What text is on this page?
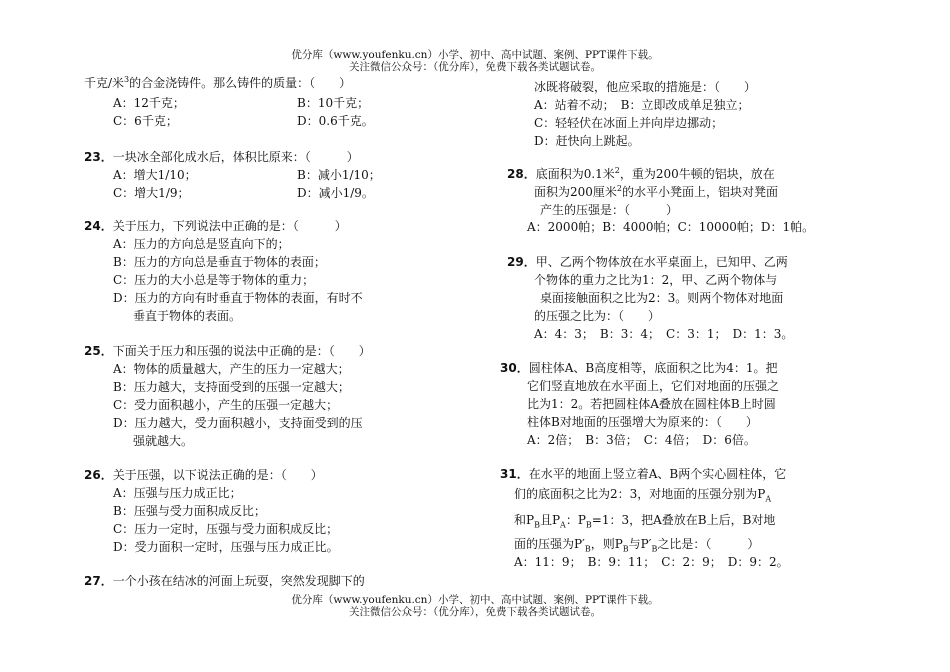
优分库（www.youfenku.cn）小学、初中、高中试题、案例、PPT课件下载。
关注微信公众号：（优分库），免费下载各类试题试卷。
千克/米$^3$的合金浇铸件。那么铸件的质量：（　　）
A：12千克；	B：10千克；
C：6千克；	D：0.6千克。
23．一块冰全部化成水后，体积比原来：（　　　）
A：增大1/10；	B：减小1/10；
C：增大1/9；	D：减小1/9。
24．关于压力，下列说法中正确的是：（　　　）
A：压力的方向总是竖直向下的；
B：压力的方向总是垂直于物体的表面；
C：压力的大小总是等于物体的重力；
D：压力的方向有时垂直于物体的表面，有时不
垂直于物体的表面。
25．下面关于压力和压强的说法中正确的是：（　　）
A：物体的质量越大，产生的压力一定越大；
B：压力越大，支持面受到的压强一定越大；
C：受力面积越小，产生的压强一定越大；
D：压力越大，受力面积越小，支持面受到的压
强就越大。
26．关于压强，以下说法正确的是：（　　）
A：压强与压力成正比；
B：压强与受力面积成反比；
C：压力一定时，压强与受力面积成反比；
D：受力面积一定时，压强与压力成正比。
27．一个小孩在结冰的河面上玩耍，突然发现脚下的
冰既将破裂，他应采取的措施是：（　　）
A：站着不动；　B：立即改成单足独立；
C：轻轻伏在冰面上并向岸边挪动；
D：赶快向上跳起。
28．底面积为0.1米$^2$，重为200牛顿的铝块，放在
面积为200厘米$^2$的水平小凳面上，铝块对凳面
产生的压强是：（　　　）
A：2000帕；B：4000帕；C：10000帕；D：1帕。
29．甲、乙两个物体放在水平桌面上，已知甲、乙两
个物体的重力之比为1：2，甲、乙两个物体与
桌面接触面积之比为2：3。则两个物体对地面
的压强之比为：（　　）
A：4：3；　B：3：4；　C：3：1；　D：1：3。
30．圆柱体A、B高度相等，底面积之比为4：1。把
它们竖直地放在水平面上，它们对地面的压强之
比为1：2。若把圆柱体A叠放在圆柱体B上时圆
柱体B对地面的压强增大为原来的：（　　）
A：2倍；　B：3倍；　C：4倍；　D：6倍。
31．在水平的地面上竖立着A、B两个实心圆柱体，它
们的底面积之比为2：3，对地面的压强分别为$P_A$
和$P_B$且$P_A$：$P_B=1$：3，把A叠放在B上后，B对地
面的压强为$P'_B$，则$P_B$与$P'_B$之比是：（　　　）
A：11：9；　B：9：11；　C：2：9；　D：9：2。
优分库（www.youfenku.cn）小学、初中、高中试题、案例、PPT课件下载。
关注微信公众号：（优分库），免费下载各类试题试卷。
